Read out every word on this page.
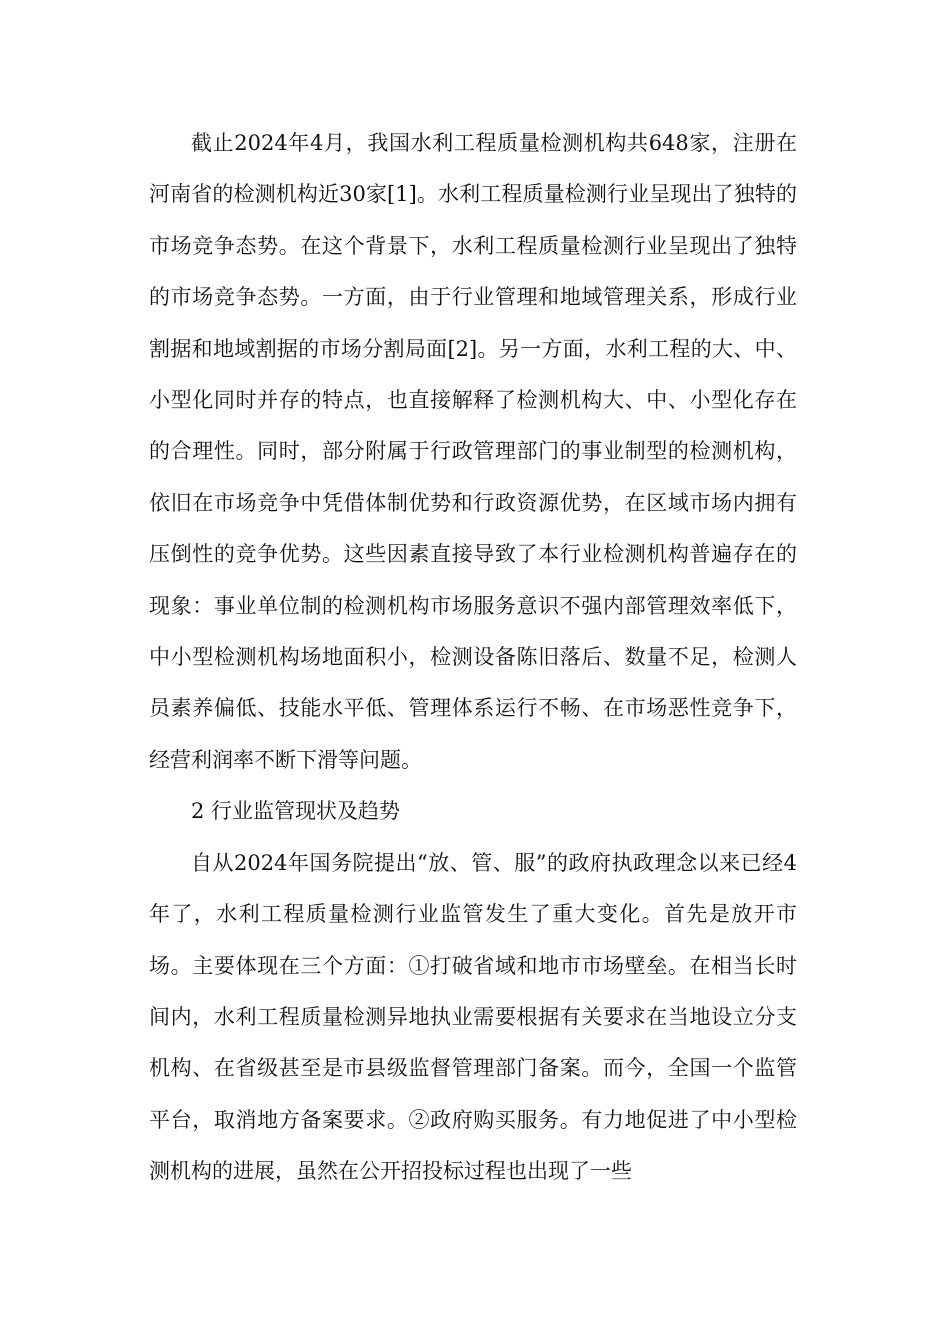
截止2024年4月，我国水利工程质量检测机构共648家，注册在河南省的检测机构近30家[1]。水利工程质量检测行业呈现出了独特的市场竞争态势。在这个背景下，水利工程质量检测行业呈现出了独特的市场竞争态势。一方面，由于行业管理和地域管理关系，形成行业割据和地域割据的市场分割局面[2]。另一方面，水利工程的大、中、小型化同时并存的特点，也直接解释了检测机构大、中、小型化存在的合理性。同时，部分附属于行政管理部门的事业制型的检测机构，依旧在市场竞争中凭借体制优势和行政资源优势，在区域市场内拥有压倒性的竞争优势。这些因素直接导致了本行业检测机构普遍存在的现象：事业单位制的检测机构市场服务意识不强内部管理效率低下，中小型检测机构场地面积小，检测设备陈旧落后、数量不足，检测人员素养偏低、技能水平低、管理体系运行不畅、在市场恶性竞争下，经营利润率不断下滑等问题。

2 行业监管现状及趋势

自从2024年国务院提出“放、管、服”的政府执政理念以来已经4年了，水利工程质量检测行业监管发生了重大变化。首先是放开市场。主要体现在三个方面：①打破省域和地市市场壁垒。在相当长时间内，水利工程质量检测异地执业需要根据有关要求在当地设立分支机构、在省级甚至是市县级监督管理部门备案。而今，全国一个监管平台，取消地方备案要求。②政府购买服务。有力地促进了中小型检测机构的进展，虽然在公开招投标过程也出现了一些
